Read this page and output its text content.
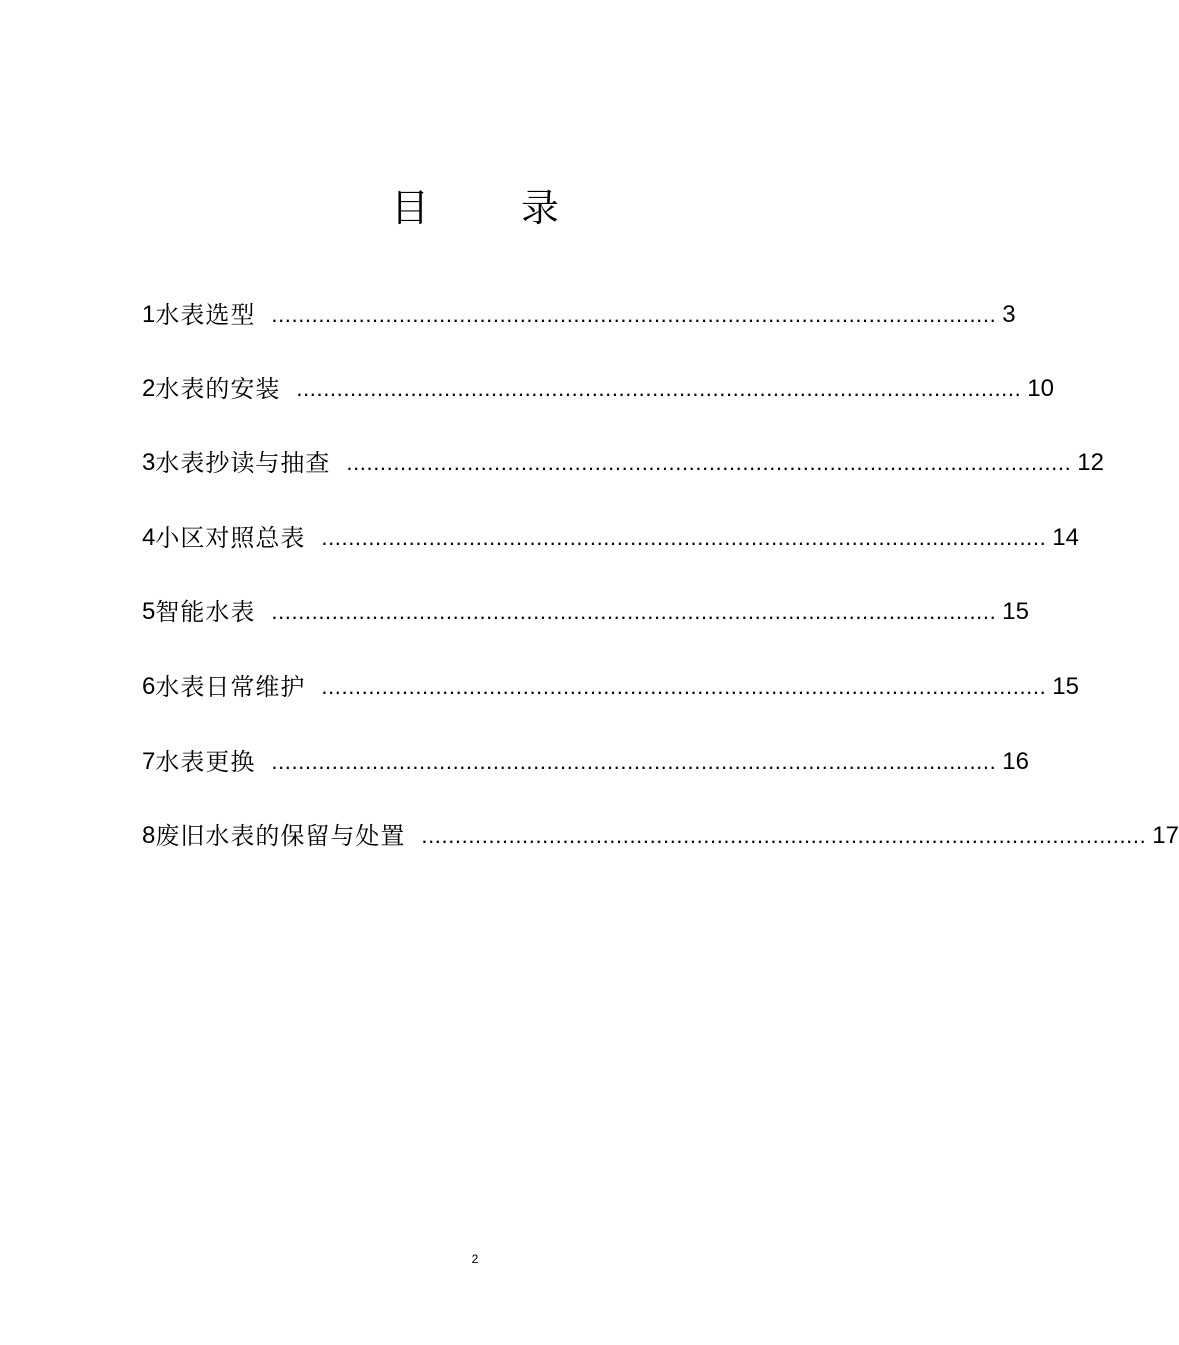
目 录
1 水表选型 ............................................................................................................ 3
2 水表的安装 ............................................................................................................ 10
3 水表抄读与抽查 ............................................................................................................ 12
4 小区对照总表 ............................................................................................................ 14
5 智能水表 ............................................................................................................ 15
6 水表日常维护 ............................................................................................................ 15
7 水表更换 ............................................................................................................ 16
8 废旧水表的保留与处置 ............................................................................................................ 17
2
